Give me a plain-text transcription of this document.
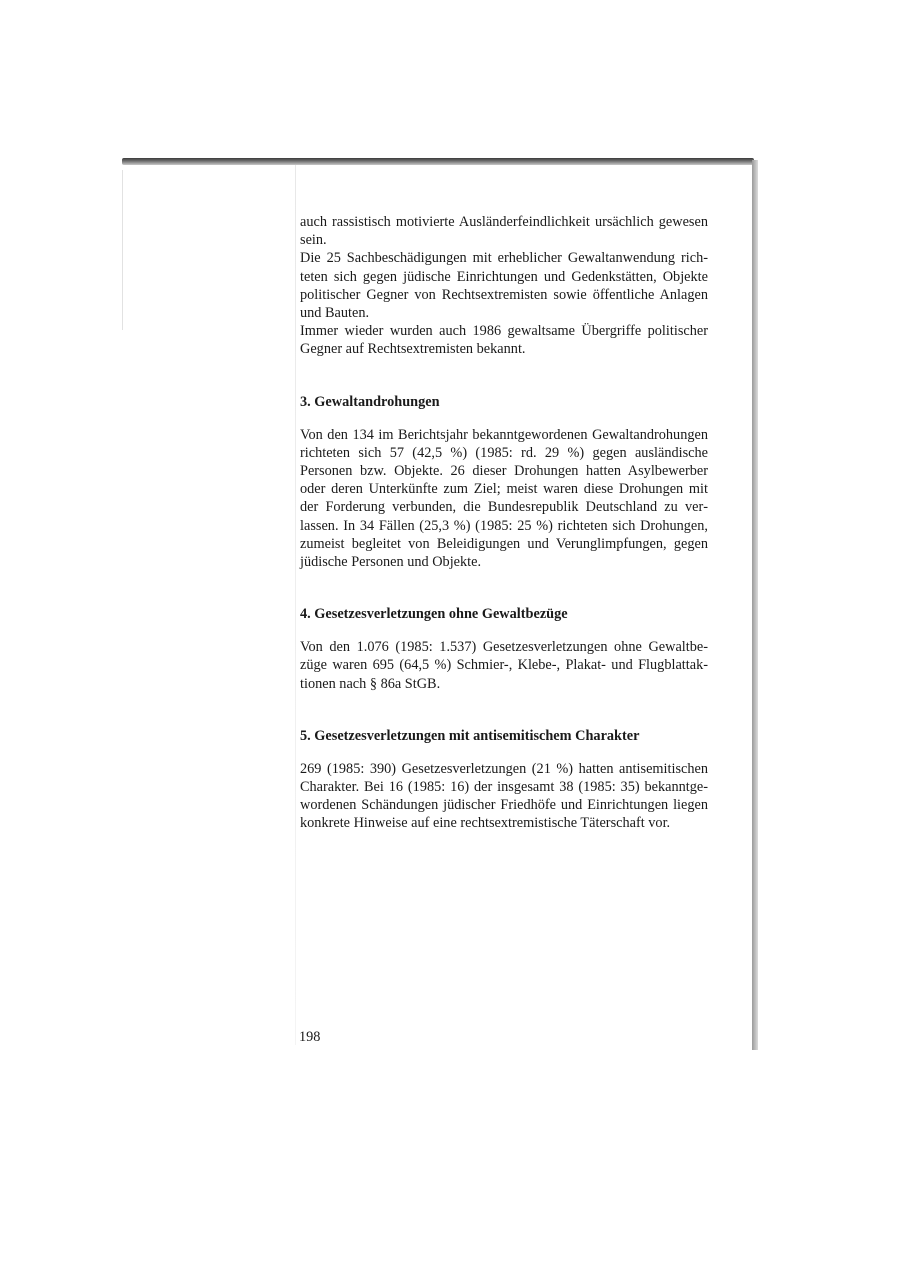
auch rassistisch motivierte Ausländerfeindlichkeit ursächlich gewesen sein.

Die 25 Sachbeschädigungen mit erheblicher Gewaltanwendung richteten sich gegen jüdische Einrichtungen und Gedenkstätten, Objekte politischer Gegner von Rechtsextremisten sowie öffentliche Anlagen und Bauten.

Immer wieder wurden auch 1986 gewaltsame Übergriffe politischer Gegner auf Rechtsextremisten bekannt.

3. Gewaltandrohungen

Von den 134 im Berichtsjahr bekanntgewordenen Gewaltandrohungen richteten sich 57 (42,5 %) (1985: rd. 29 %) gegen ausländische Personen bzw. Objekte. 26 dieser Drohungen hatten Asylbewerber oder deren Unterkünfte zum Ziel; meist waren diese Drohungen mit der Forderung verbunden, die Bundesrepublik Deutschland zu verlassen. In 34 Fällen (25,3 %) (1985: 25 %) richteten sich Drohungen, zumeist begleitet von Beleidigungen und Verunglimpfungen, gegen jüdische Personen und Objekte.

4. Gesetzesverletzungen ohne Gewaltbezüge

Von den 1.076 (1985: 1.537) Gesetzesverletzungen ohne Gewaltbezüge waren 695 (64,5 %) Schmier-, Klebe-, Plakat- und Flugblattaktionen nach § 86a StGB.

5. Gesetzesverletzungen mit antisemitischem Charakter

269 (1985: 390) Gesetzesverletzungen (21 %) hatten antisemitischen Charakter. Bei 16 (1985: 16) der insgesamt 38 (1985: 35) bekanntgewordenen Schändungen jüdischer Friedhöfe und Einrichtungen liegen konkrete Hinweise auf eine rechtsextremistische Täterschaft vor.

198
